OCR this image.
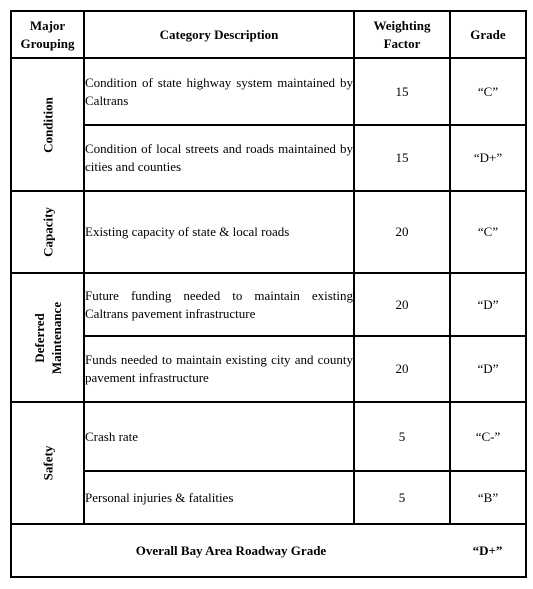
Major Grouping	Category Description	Weighting Factor	Grade

Condition	Condition of state highway system maintained by Caltrans	15	“C”
	Condition of local streets and roads maintained by cities and counties	15	“D+”

Capacity	Existing capacity of state & local roads	20	“C”

Deferred Maintenance	Future funding needed to maintain existing Caltrans pavement infrastructure	20	“D”
	Funds needed to maintain existing city and county pavement infrastructure	20	“D”

Safety	Crash rate	5	“C-”
	Personal injuries & fatalities	5	“B”
Overall Bay Area Roadway Grade			“D+”
